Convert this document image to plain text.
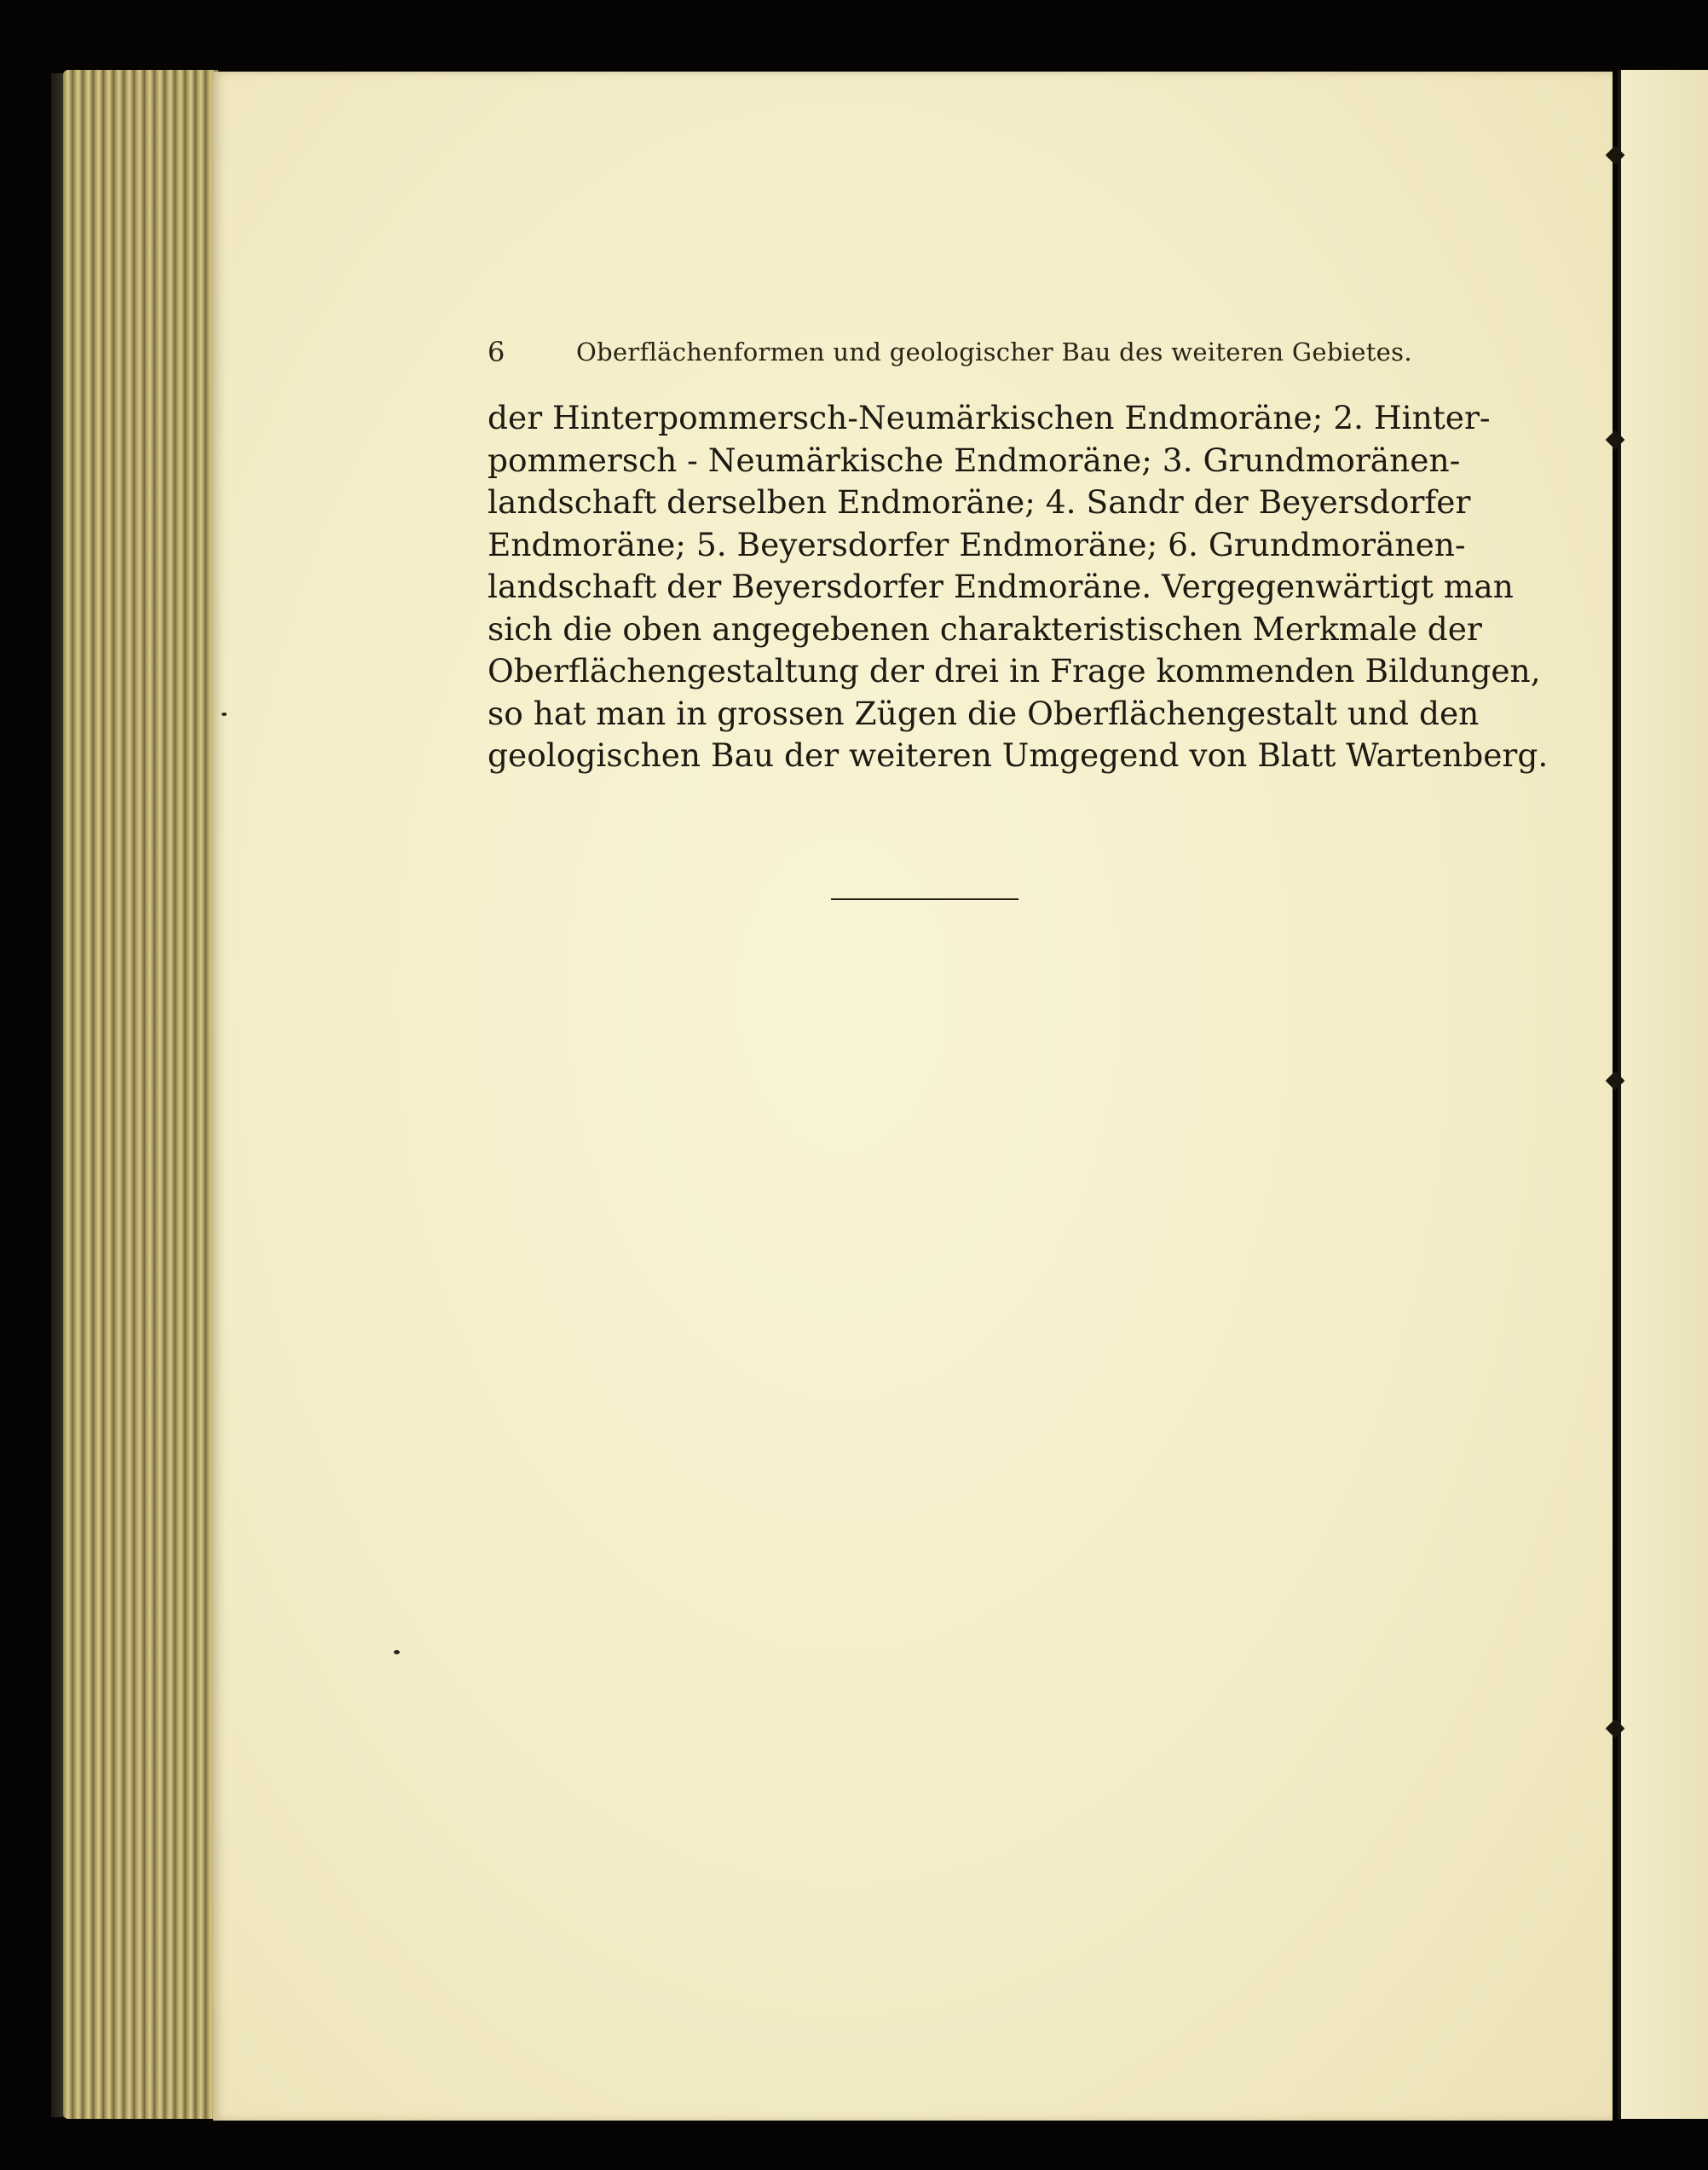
6	Oberflächenformen und geologischer Bau des weiteren Gebietes.
der Hinterpommersch-Neumärkischen Endmoräne; 2. Hinter-
pommersch - Neumärkische Endmoräne; 3. Grundmoränen-
landschaft derselben Endmoräne; 4. Sandr der Beyersdorfer
Endmoräne; 5. Beyersdorfer Endmoräne; 6. Grundmoränen-
landschaft der Beyersdorfer Endmoräne. Vergegenwärtigt man
sich die oben angegebenen charakteristischen Merkmale der
Oberflächengestaltung der drei in Frage kommenden Bildungen,
so hat man in grossen Zügen die Oberflächengestalt und den
geologischen Bau der weiteren Umgegend von Blatt Wartenberg.
